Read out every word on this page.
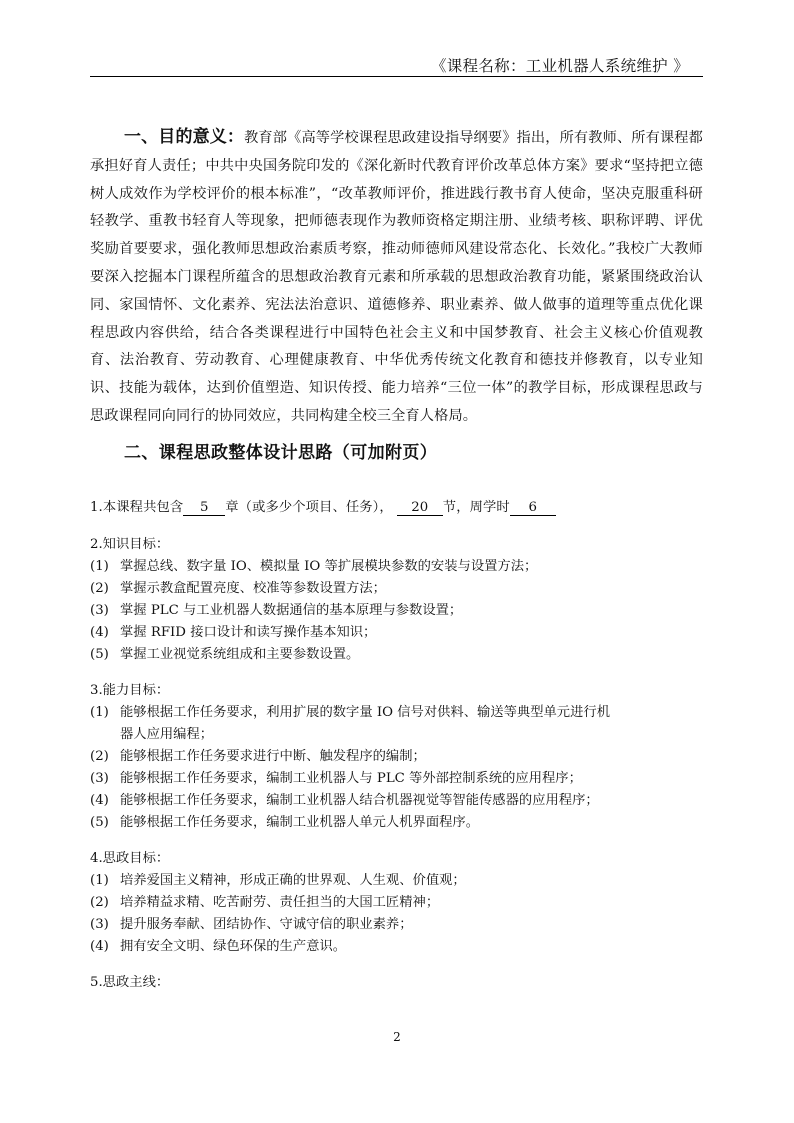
《课程名称：工业机器人系统维护 》
一、目的意义：教育部《高等学校课程思政建设指导纲要》指出，所有教师、所有课程都承担好育人责任；中共中央国务院印发的《深化新时代教育评价改革总体方案》要求“坚持把立德树人成效作为学校评价的根本标准”，“改革教师评价，推进践行教书育人使命，坚决克服重科研轻教学、重教书轻育人等现象，把师德表现作为教师资格定期注册、业绩考核、职称评聘、评优奖励首要要求，强化教师思想政治素质考察，推动师德师风建设常态化、长效化。”我校广大教师要深入挖掘本门课程所蕴含的思想政治教育元素和所承载的思想政治教育功能，紧紧围绕政治认同、家国情怀、文化素养、宪法法治意识、道德修养、职业素养、做人做事的道理等重点优化课程思政内容供给，结合各类课程进行中国特色社会主义和中国梦教育、社会主义核心价值观教育、法治教育、劳动教育、心理健康教育、中华优秀传统文化教育和德技并修教育，以专业知识、技能为载体，达到价值塑造、知识传授、能力培养“三位一体”的教学目标，形成课程思政与思政课程同向同行的协同效应，共同构建全校三全育人格局。
二、课程思政整体设计思路（可加附页）
1.本课程共包含 5 章（或多少个项目、任务）， 20 节，周学时 6
2.知识目标：
(1) 掌握总线、数字量 IO、模拟量 IO 等扩展模块参数的安装与设置方法；
(2) 掌握示教盒配置亮度、校准等参数设置方法；
(3) 掌握 PLC 与工业机器人数据通信的基本原理与参数设置；
(4) 掌握 RFID 接口设计和读写操作基本知识；
(5) 掌握工业视觉系统组成和主要参数设置。
3.能力目标：
(1) 能够根据工作任务要求，利用扩展的数字量 IO 信号对供料、输送等典型单元进行机
器人应用编程；
(2) 能够根据工作任务要求进行中断、触发程序的编制；
(3) 能够根据工作任务要求，编制工业机器人与 PLC 等外部控制系统的应用程序；
(4) 能够根据工作任务要求，编制工业机器人结合机器视觉等智能传感器的应用程序；
(5) 能够根据工作任务要求，编制工业机器人单元人机界面程序。
4.思政目标：
(1) 培养爱国主义精神，形成正确的世界观、人生观、价值观；
(2) 培养精益求精、吃苦耐劳、责任担当的大国工匠精神；
(3) 提升服务奉献、团结协作、守诚守信的职业素养；
(4) 拥有安全文明、绿色环保的生产意识。
5.思政主线：
2
